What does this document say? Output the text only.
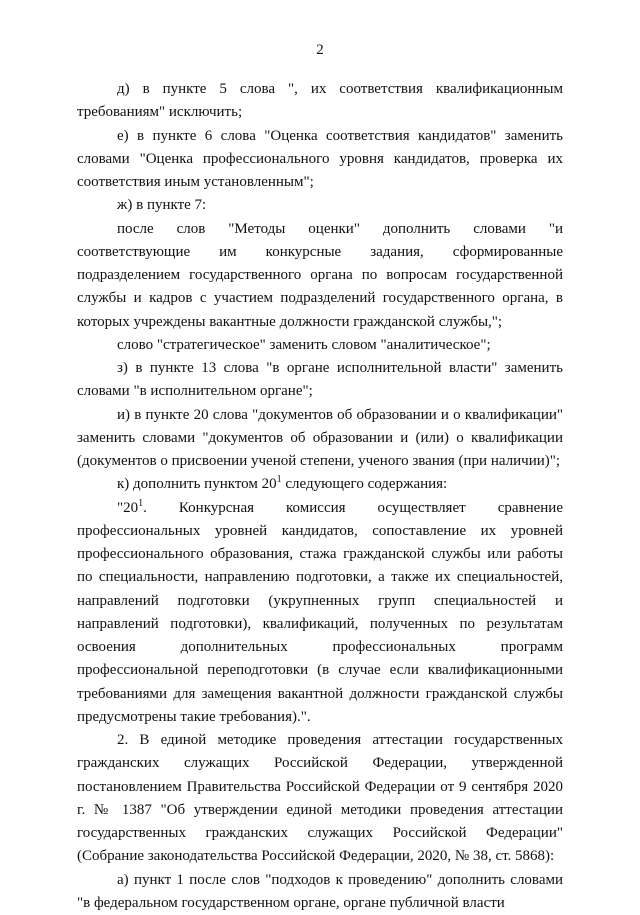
2

д) в пункте 5 слова ", их соответствия квалификационным требованиям" исключить;

е) в пункте 6 слова "Оценка соответствия кандидатов" заменить словами "Оценка профессионального уровня кандидатов, проверка их соответствия иным установленным";

ж) в пункте 7:

после слов "Методы оценки" дополнить словами "и соответствующие им конкурсные задания, сформированные подразделением государственного органа по вопросам государственной службы и кадров с участием подразделений государственного органа, в которых учреждены вакантные должности гражданской службы,";

слово "стратегическое" заменить словом "аналитическое";

з) в пункте 13 слова "в органе исполнительной власти" заменить словами "в исполнительном органе";

и) в пункте 20 слова "документов об образовании и о квалификации" заменить словами "документов об образовании и (или) о квалификации (документов о присвоении ученой степени, ученого звания (при наличии)";

к) дополнить пунктом $20^1$ следующего содержания:

"$20^1$. Конкурсная комиссия осуществляет сравнение профессиональных уровней кандидатов, сопоставление их уровней профессионального образования, стажа гражданской службы или работы по специальности, направлению подготовки, а также их специальностей, направлений подготовки (укрупненных групп специальностей и направлений подготовки), квалификаций, полученных по результатам освоения дополнительных профессиональных программ профессиональной переподготовки (в случае если квалификационными требованиями для замещения вакантной должности гражданской службы предусмотрены такие требования).".

2. В единой методике проведения аттестации государственных гражданских служащих Российской Федерации, утвержденной постановлением Правительства Российской Федерации от 9 сентября 2020 г. № 1387 "Об утверждении единой методики проведения аттестации государственных гражданских служащих Российской Федерации" (Собрание законодательства Российской Федерации, 2020, № 38, ст. 5868):

а) пункт 1 после слов "подходов к проведению" дополнить словами "в федеральном государственном органе, органе публичной власти
